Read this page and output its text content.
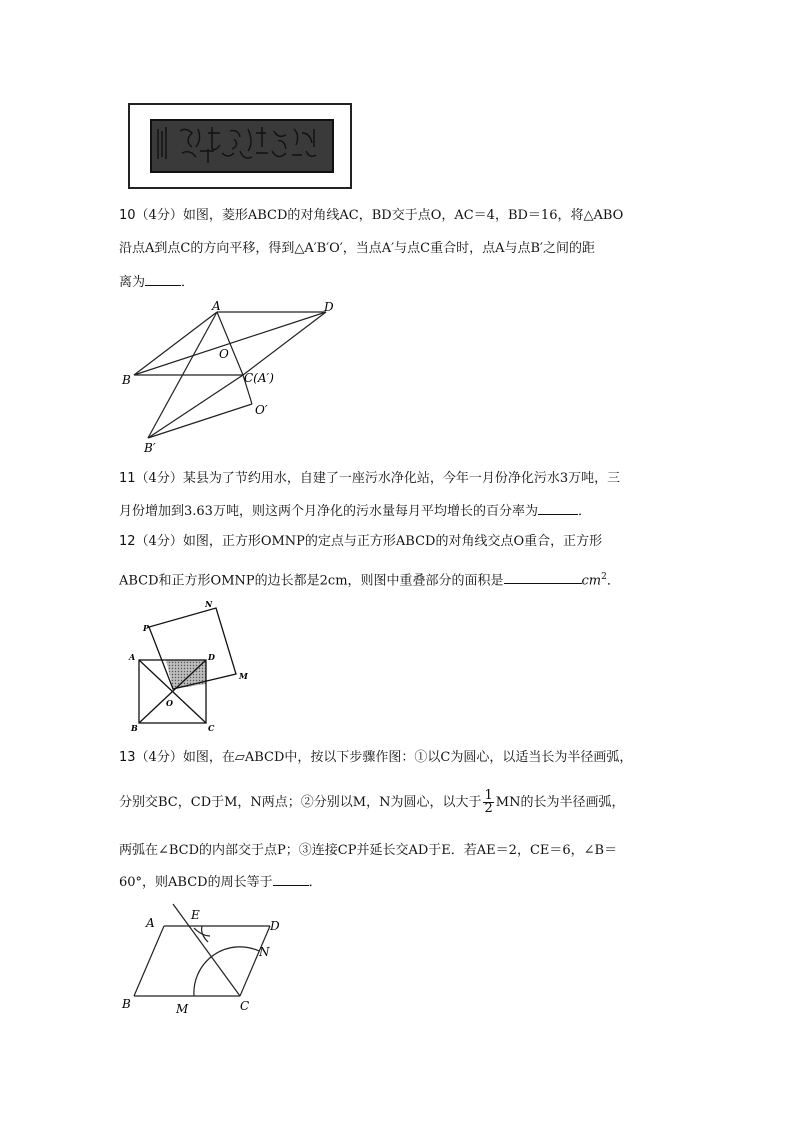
10（4分）如图，菱形ABCD的对角线AC，BD交于点O，AC＝4，BD＝16，将△ABO
沿点A到点C的方向平移，得到△A′B′O′，当点A′与点C重合时，点A与点B′之间的距
离为	．
A	D
O
B	C(A′)
O′
B′
11（4分）某县为了节约用水，自建了一座污水净化站，今年一月份净化污水3万吨，三
月份增加到3.63万吨，则这两个月净化的污水量每月平均增长的百分率为	．
12（4分）如图，正方形OMNP的定点与正方形ABCD的对角线交点O重合，正方形
ABCD和正方形OMNP的边长都是2cm，则图中重叠部分的面积是	$cm^2$．
N
P
A	D
M
O
B	C
13（4分）如图，在▱ABCD中，按以下步骤作图：①以C为圆心，以适当长为半径画弧，
分别交BC，CD于M，N两点；②分别以M，N为圆心，以大于 $\frac{1}{2}$ MN的长为半径画弧，
两弧在∠BCD的内部交于点P；③连接CP并延长交AD于E．若AE＝2，CE＝6，∠B＝
60°，则ABCD的周长等于	．
A
E
D
N
B	M	C
